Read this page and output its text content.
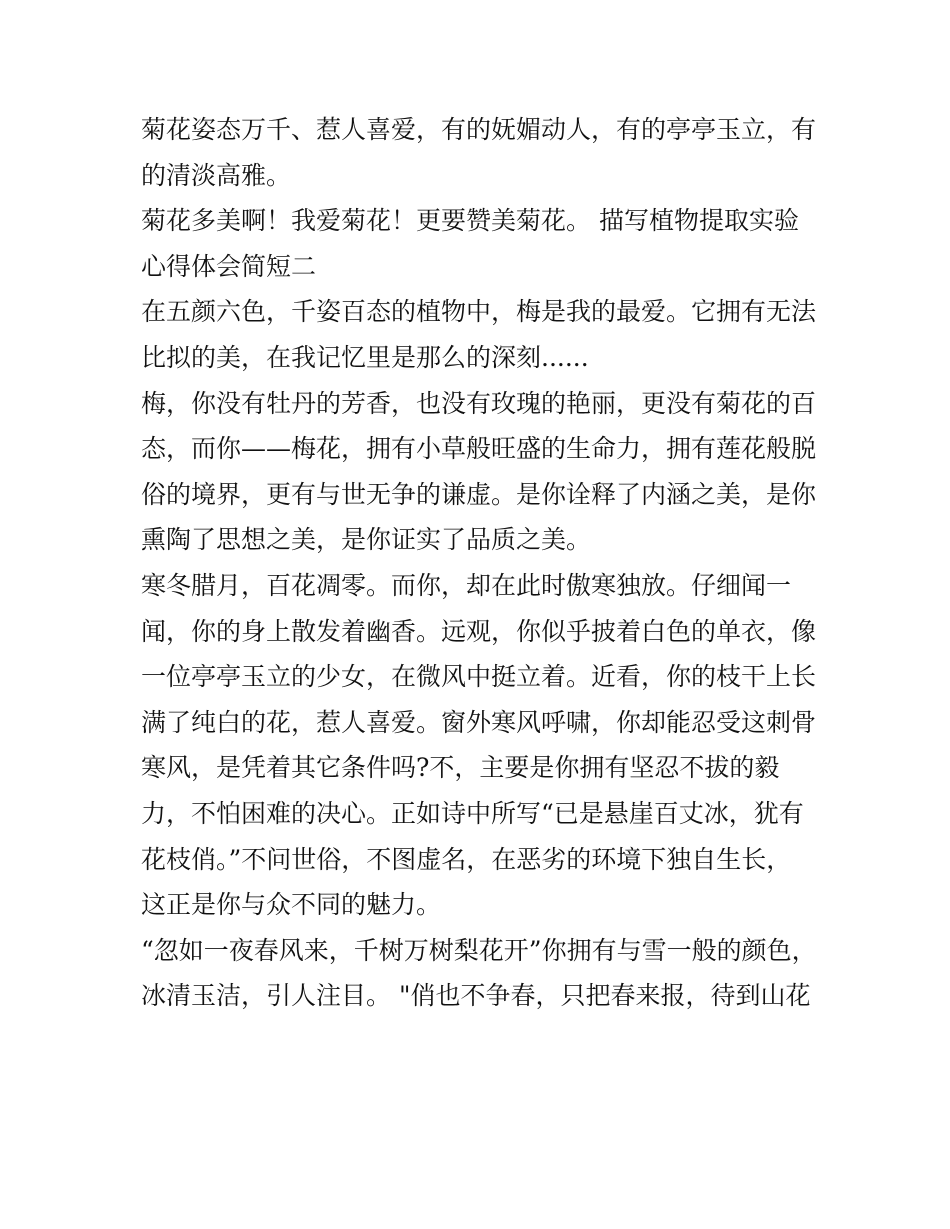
菊花姿态万千、惹人喜爱，有的妩媚动人，有的亭亭玉立，有
的清淡高雅。
菊花多美啊！我爱菊花！更要赞美菊花。 描写植物提取实验
心得体会简短二
在五颜六色，千姿百态的植物中，梅是我的最爱。它拥有无法
比拟的美，在我记忆里是那么的深刻......
梅，你没有牡丹的芳香，也没有玫瑰的艳丽，更没有菊花的百
态，而你——梅花，拥有小草般旺盛的生命力，拥有莲花般脱
俗的境界，更有与世无争的谦虚。是你诠释了内涵之美，是你
熏陶了思想之美，是你证实了品质之美。
寒冬腊月，百花凋零。而你，却在此时傲寒独放。仔细闻一
闻，你的身上散发着幽香。远观，你似乎披着白色的单衣，像
一位亭亭玉立的少女，在微风中挺立着。近看，你的枝干上长
满了纯白的花，惹人喜爱。窗外寒风呼啸，你却能忍受这刺骨
寒风，是凭着其它条件吗?不，主要是你拥有坚忍不拔的毅
力，不怕困难的决心。正如诗中所写“已是悬崖百丈冰，犹有
花枝俏。”不问世俗，不图虚名，在恶劣的环境下独自生长，
这正是你与众不同的魅力。
“忽如一夜春风来，千树万树梨花开”你拥有与雪一般的颜色，
冰清玉洁，引人注目。 "俏也不争春，只把春来报，待到山花
